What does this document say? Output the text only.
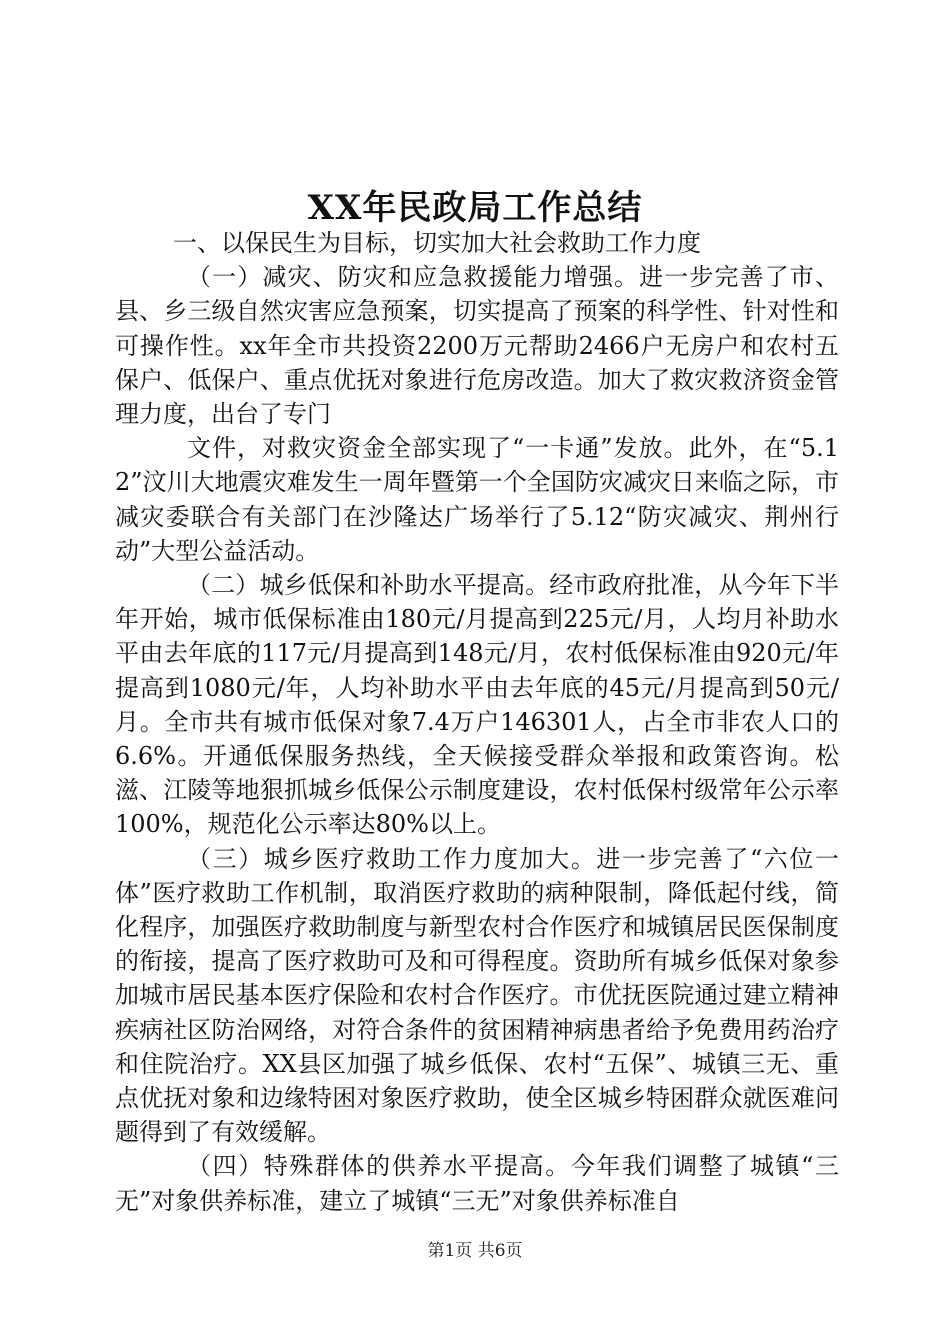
XX年民政局工作总结

一、以保民生为目标，切实加大社会救助工作力度

（一）减灾、防灾和应急救援能力增强。进一步完善了市、县、乡三级自然灾害应急预案，切实提高了预案的科学性、针对性和可操作性。xx年全市共投资2200万元帮助2466户无房户和农村五保户、低保户、重点优抚对象进行危房改造。加大了救灾救济资金管理力度，出台了专门

文件，对救灾资金全部实现了“一卡通”发放。此外，在“5.12”汶川大地震灾难发生一周年暨第一个全国防灾减灾日来临之际，市减灾委联合有关部门在沙隆达广场举行了5.12“防灾减灾、荆州行动”大型公益活动。

（二）城乡低保和补助水平提高。经市政府批准，从今年下半年开始，城市低保标准由180元/月提高到225元/月，人均月补助水平由去年底的117元/月提高到148元/月，农村低保标准由920元/年提高到1080元/年，人均补助水平由去年底的45元/月提高到50元/月。全市共有城市低保对象7.4万户146301人，占全市非农人口的6.6%。开通低保服务热线，全天候接受群众举报和政策咨询。松滋、江陵等地狠抓城乡低保公示制度建设，农村低保村级常年公示率100%，规范化公示率达80%以上。

（三）城乡医疗救助工作力度加大。进一步完善了“六位一体”医疗救助工作机制，取消医疗救助的病种限制，降低起付线，简化程序，加强医疗救助制度与新型农村合作医疗和城镇居民医保制度的衔接，提高了医疗救助可及和可得程度。资助所有城乡低保对象参加城市居民基本医疗保险和农村合作医疗。市优抚医院通过建立精神疾病社区防治网络，对符合条件的贫困精神病患者给予免费用药治疗和住院治疗。XX县区加强了城乡低保、农村“五保”、城镇三无、重点优抚对象和边缘特困对象医疗救助，使全区城乡特困群众就医难问题得到了有效缓解。

（四）特殊群体的供养水平提高。今年我们调整了城镇“三无”对象供养标准，建立了城镇“三无”对象供养标准自

第1页 共6页
